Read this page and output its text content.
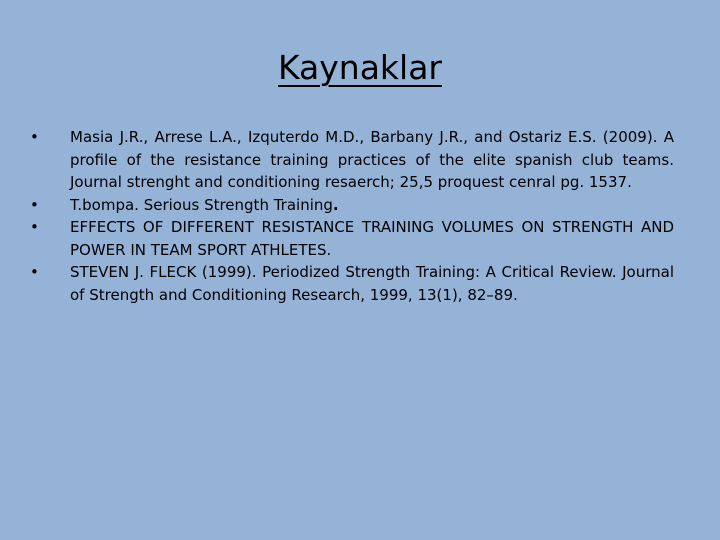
Kaynaklar
•	Masia J.R., Arrese L.A., Izquterdo M.D., Barbany J.R., and Ostariz E.S. (2009). A profile of the resistance training practices of the elite spanish club teams. Journal strenght and conditioning resaerch; 25,5 proquest cenral pg. 1537.
•	T.bompa. Serious Strength Training.
•	EFFECTS OF DIFFERENT RESISTANCE TRAINING VOLUMES ON STRENGTH AND POWER IN TEAM SPORT ATHLETES.
•	STEVEN J. FLECK (1999). Periodized Strength Training: A Critical Review. Journal of Strength and Conditioning Research, 1999, 13(1), 82–89.
